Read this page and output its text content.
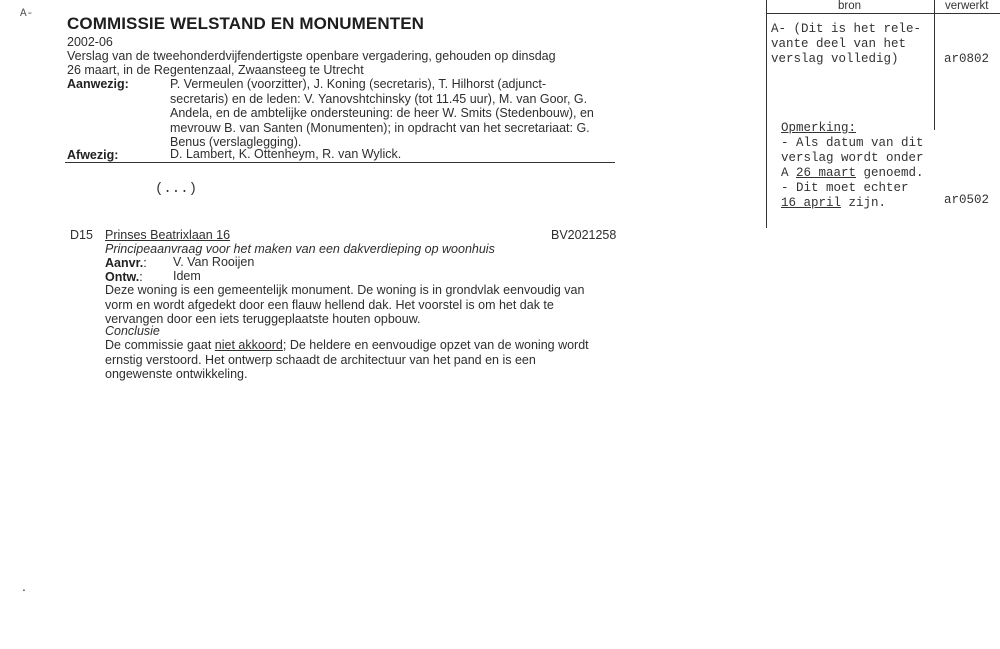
A-
.
COMMISSIE WELSTAND EN MONUMENTEN
2002-06
Verslag van de tweehonderdvijfendertigste openbare vergadering, gehouden op dinsdag
26 maart, in de Regentenzaal, Zwaansteeg te Utrecht
Aanwezig:	P. Vermeulen (voorzitter), J. Koning (secretaris), T. Hilhorst (adjunct-
secretaris) en de leden: V. Yanovshtchinsky (tot 11.45 uur), M. van Goor, G.
Andela, en de ambtelijke ondersteuning: de heer W. Smits (Stedenbouw), en
mevrouw B. van Santen (Monumenten); in opdracht van het secretariaat: G.
Benus (verslaglegging).
Afwezig:	D. Lambert, K. Ottenheym, R. van Wylick.
(...)
D15 Prinses Beatrixlaan 16	BV2021258
Principeaanvraag voor het maken van een dakverdieping op woonhuis
Aanvr.: V. Van Rooijen
Ontw.: Idem
Deze woning is een gemeentelijk monument. De woning is in grondvlak eenvoudig van
vorm en wordt afgedekt door een flauw hellend dak. Het voorstel is om het dak te
vervangen door een iets teruggeplaatste houten opbouw.
Conclusie
De commissie gaat niet akkoord; De heldere en eenvoudige opzet van de woning wordt
ernstig verstoord. Het ontwerp schaadt de architectuur van het pand en is een
ongewenste ontwikkeling.
bron	verwerkt
A- (Dit is het rele-
vante deel van het
verslag volledig)	ar0802
Opmerking:
- Als datum van dit
verslag wordt onder
A 26 maart genoemd.
- Dit moet echter
16 april zijn.	ar0502
